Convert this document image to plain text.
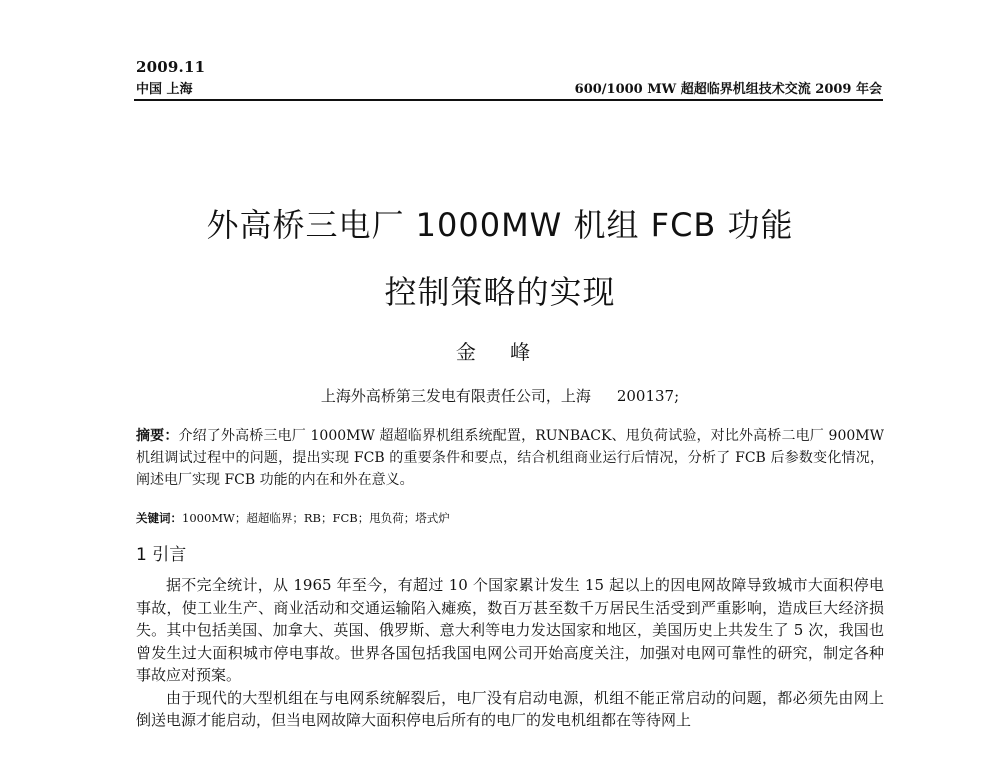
2009.11
中国 上海	600/1000 MW 超超临界机组技术交流 2009 年会
外高桥三电厂 1000MW 机组 FCB 功能
控制策略的实现
金 峰
上海外高桥第三发电有限责任公司，上海 200137;
摘要：介绍了外高桥三电厂 1000MW 超超临界机组系统配置，RUNBACK、甩负荷试验，对比外高桥二电厂 900MW 机组调试过程中的问题，提出实现 FCB 的重要条件和要点，结合机组商业运行后情况，分析了 FCB 后参数变化情况，阐述电厂实现 FCB 功能的内在和外在意义。
关键词：1000MW；超超临界；RB；FCB；甩负荷；塔式炉
1 引言

据不完全统计，从 1965 年至今，有超过 10 个国家累计发生 15 起以上的因电网故障导致城市大面积停电事故，使工业生产、商业活动和交通运输陷入瘫痪，数百万甚至数千万居民生活受到严重影响，造成巨大经济损失。其中包括美国、加拿大、英国、俄罗斯、意大利等电力发达国家和地区，美国历史上共发生了 5 次，我国也曾发生过大面积城市停电事故。世界各国包括我国电网公司开始高度关注，加强对电网可靠性的研究，制定各种事故应对预案。

由于现代的大型机组在与电网系统解裂后，电厂没有启动电源，机组不能正常启动的问题，都必须先由网上倒送电源才能启动，但当电网故障大面积停电后所有的电厂的发电机组都在等待网上
